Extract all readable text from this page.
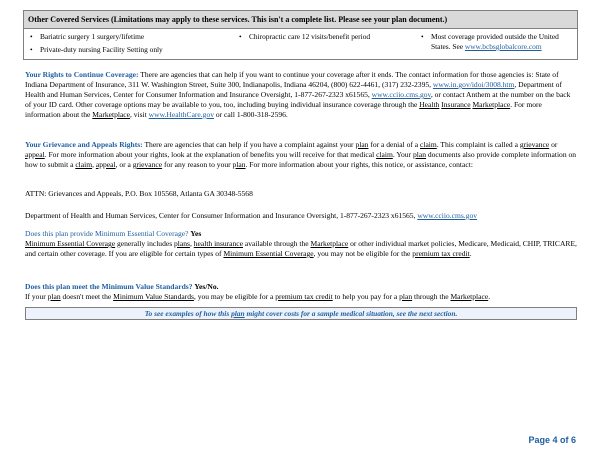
Other Covered Services (Limitations may apply to these services. This isn't a complete list. Please see your plan document.)
• Bariatric surgery 1 surgery/lifetime
• Private-duty nursing Facility Setting only
• Chiropractic care 12 visits/benefit period	• Most coverage provided outside the United
States. See www.bcbsglobalcore.com
Your Rights to Continue Coverage: There are agencies that can help if you want to continue your coverage after it ends. The contact information for those agencies is: State of Indiana Department of Insurance, 311 W. Washington Street, Suite 300, Indianapolis, Indiana 46204, (800) 622-4461, (317) 232-2395, www.in.gov/idoi/3008.htm, Department of Health and Human Services, Center for Consumer Information and Insurance Oversight, 1-877-267-2323 x61565, www.cciio.cms.gov, or contact Anthem at the number on the back of your ID card. Other coverage options may be available to you, too, including buying individual insurance coverage through the Health Insurance Marketplace. For more information about the Marketplace, visit www.HealthCare.gov or call 1-800-318-2596.
Your Grievance and Appeals Rights: There are agencies that can help if you have a complaint against your plan for a denial of a claim. This complaint is called a grievance or appeal. For more information about your rights, look at the explanation of benefits you will receive for that medical claim. Your plan documents also provide complete information on how to submit a claim, appeal, or a grievance for any reason to your plan. For more information about your rights, this notice, or assistance, contact:
ATTN: Grievances and Appeals, P.O. Box 105568, Atlanta GA 30348-5568
Department of Health and Human Services, Center for Consumer Information and Insurance Oversight, 1-877-267-2323 x61565, www.cciio.cms.gov
Does this plan provide Minimum Essential Coverage? Yes
Minimum Essential Coverage generally includes plans, health insurance available through the Marketplace or other individual market policies, Medicare, Medicaid, CHIP, TRICARE, and certain other coverage. If you are eligible for certain types of Minimum Essential Coverage, you may not be eligible for the premium tax credit.
Does this plan meet the Minimum Value Standards? Yes/No.
If your plan doesn't meet the Minimum Value Standards, you may be eligible for a premium tax credit to help you pay for a plan through the Marketplace.
To see examples of how this plan might cover costs for a sample medical situation, see the next section.
Page 4 of 6
